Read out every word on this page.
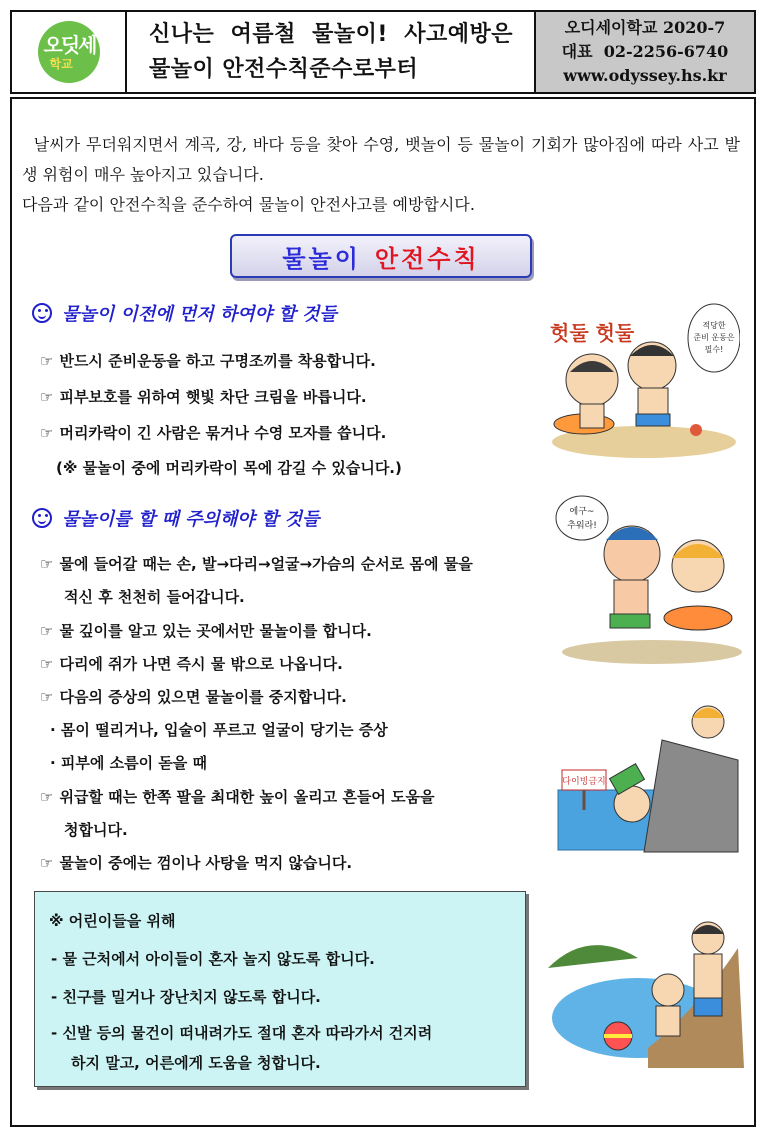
오딧세
학교
신나는  여름철  물놀이!  사고예방은
물놀이 안전수칙준수로부터
오디세이학교 2020-7
대표  02-2256-6740
www.odyssey.hs.kr

날씨가 무더워지면서 계곡, 강, 바다 등을 찾아 수영, 뱃놀이 등 물놀이 기회가 많아짐에 따라 사고 발생 위험이 매우 높아지고 있습니다.

다음과 같이 안전수칙을 준수하여 물놀이 안전사고를 예방합시다.

물놀이 안전수칙
물놀이 이전에 먼저 하여야 할 것들
☞ 반드시 준비운동을 하고 구명조끼를 착용합니다.
☞ 피부보호를 위하여 햇빛 차단 크림을 바릅니다.
☞ 머리카락이 긴 사람은 묶거나 수영 모자를 씁니다.
(※ 물놀이 중에 머리카락이 목에 감길 수 있습니다.)
물놀이를 할 때 주의해야 할 것들
☞ 물에 들어갈 때는 손, 발→다리→얼굴→가슴의 순서로 몸에 물을
적신 후 천천히 들어갑니다.
☞ 물 깊이를 알고 있는 곳에서만 물놀이를 합니다.
☞ 다리에 쥐가 나면 즉시 물 밖으로 나옵니다.
☞ 다음의 증상의 있으면 물놀이를 중지합니다.
· 몸이 떨리거나, 입술이 푸르고 얼굴이 당기는 증상
· 피부에 소름이 돋을 때
☞ 위급할 때는 한쪽 팔을 최대한 높이 올리고 흔들어 도움을
청합니다.
☞ 물놀이 중에는 껌이나 사탕을 먹지 않습니다.
※ 어린이들을 위해
- 물 근처에서 아이들이 혼자 놀지 않도록 합니다.
- 친구를 밀거나 장난치지 않도록 합니다.
- 신발 등의 물건이 떠내려가도 절대 혼자 따라가서 건지려
하지 말고, 어른에게 도움을 청합니다.
헛둘 헛둘	적당한
준비 운동은
필수!
에구~
추워라!
다이빙금지
